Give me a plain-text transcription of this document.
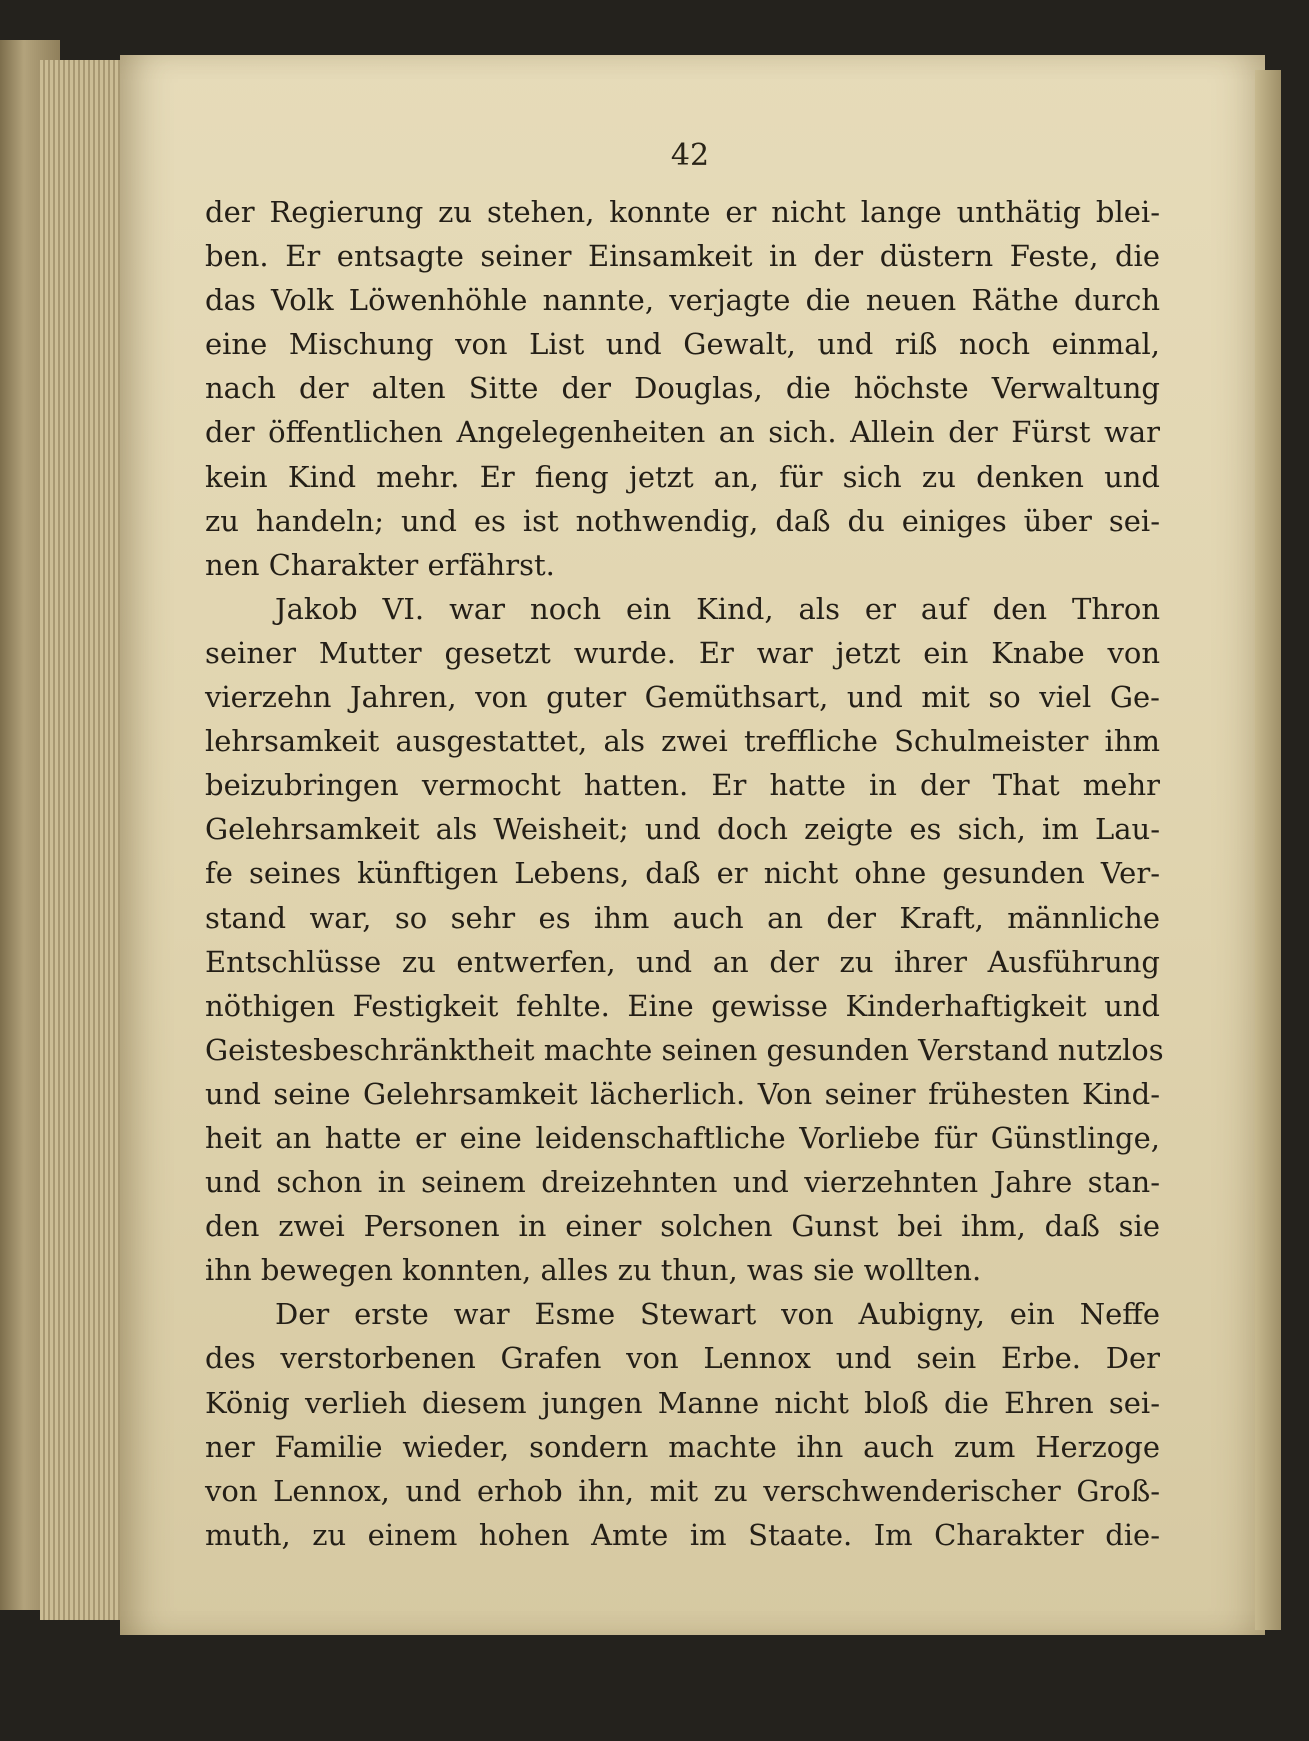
42
der Regierung zu stehen, konnte er nicht lange unthätig blei-
ben. Er entsagte seiner Einsamkeit in der düstern Feste, die
das Volk Löwenhöhle nannte, verjagte die neuen Räthe durch
eine Mischung von List und Gewalt, und riß noch einmal,
nach der alten Sitte der Douglas, die höchste Verwaltung
der öffentlichen Angelegenheiten an sich. Allein der Fürst war
kein Kind mehr. Er fieng jetzt an, für sich zu denken und
zu handeln; und es ist nothwendig, daß du einiges über sei-
nen Charakter erfährst.
Jakob VI. war noch ein Kind, als er auf den Thron
seiner Mutter gesetzt wurde. Er war jetzt ein Knabe von
vierzehn Jahren, von guter Gemüthsart, und mit so viel Ge-
lehrsamkeit ausgestattet, als zwei treffliche Schulmeister ihm
beizubringen vermocht hatten. Er hatte in der That mehr
Gelehrsamkeit als Weisheit; und doch zeigte es sich, im Lau-
fe seines künftigen Lebens, daß er nicht ohne gesunden Ver-
stand war, so sehr es ihm auch an der Kraft, männliche
Entschlüsse zu entwerfen, und an der zu ihrer Ausführung
nöthigen Festigkeit fehlte. Eine gewisse Kinderhaftigkeit und
Geistesbeschränktheit machte seinen gesunden Verstand nutzlos
und seine Gelehrsamkeit lächerlich. Von seiner frühesten Kind-
heit an hatte er eine leidenschaftliche Vorliebe für Günstlinge,
und schon in seinem dreizehnten und vierzehnten Jahre stan-
den zwei Personen in einer solchen Gunst bei ihm, daß sie
ihn bewegen konnten, alles zu thun, was sie wollten.
Der erste war Esme Stewart von Aubigny, ein Neffe
des verstorbenen Grafen von Lennox und sein Erbe. Der
König verlieh diesem jungen Manne nicht bloß die Ehren sei-
ner Familie wieder, sondern machte ihn auch zum Herzoge
von Lennox, und erhob ihn, mit zu verschwenderischer Groß-
muth, zu einem hohen Amte im Staate. Im Charakter die-
